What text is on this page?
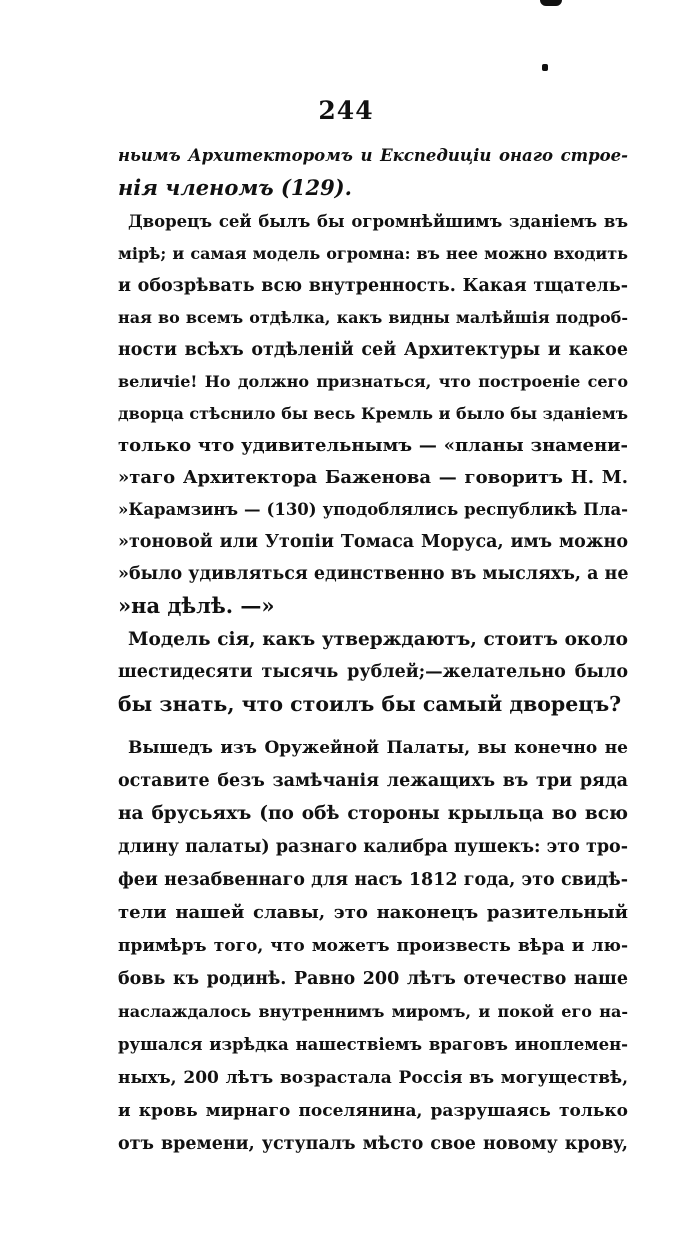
244
ньимъ Архитекторомъ и Експедиціи онаго строе-
нія членомъ (129).
Дворецъ сей былъ бы огромнѣйшимъ зданіемъ въ
мірѣ; и самая модель огромна: въ нее можно входить
и обозрѣвать всю внутренность. Какая тщатель-
ная во всемъ отдѣлка, какъ видны малѣйшія подроб-
ности всѣхъ отдѣленій сей Архитектуры и какое
величіе! Но должно признаться, что построеніе сего
дворца стѣснило бы весь Кремль и было бы зданіемъ
только что удивительнымъ — «планы знамени-
»таго Архитектора Баженова — говоритъ Н. М.
»Карамзинъ — (130) уподоблялись республикѣ Пла-
»тоновой или Утопіи Томаса Моруса, имъ можно
»было удивляться единственно въ мысляхъ, а не
»на дѣлѣ. —»
Модель сія, какъ утверждаютъ, стоитъ около
шестидесяти тысячь рублей;—желательно было
бы знать, что стоилъ бы самый дворецъ?
Вышедъ изъ Оружейной Палаты, вы конечно не
оставите безъ замѣчанія лежащихъ въ три ряда
на брусьяхъ (по обѣ стороны крыльца во всю
длину палаты) разнаго калибра пушекъ: это тро-
феи незабвеннаго для насъ 1812 года, это свидѣ-
тели нашей славы, это наконецъ разительный
примѣръ того, что можетъ произвесть вѣра и лю-
бовь къ родинѣ. Равно 200 лѣтъ отечество наше
наслаждалось внутреннимъ миромъ, и покой его на-
рушался изрѣдка нашествіемъ враговъ иноплемен-
ныхъ, 200 лѣтъ возрастала Россія въ могуществѣ,
и кровь мирнаго поселянина, разрушаясь только
отъ времени, уступалъ мѣсто свое новому кровy,
